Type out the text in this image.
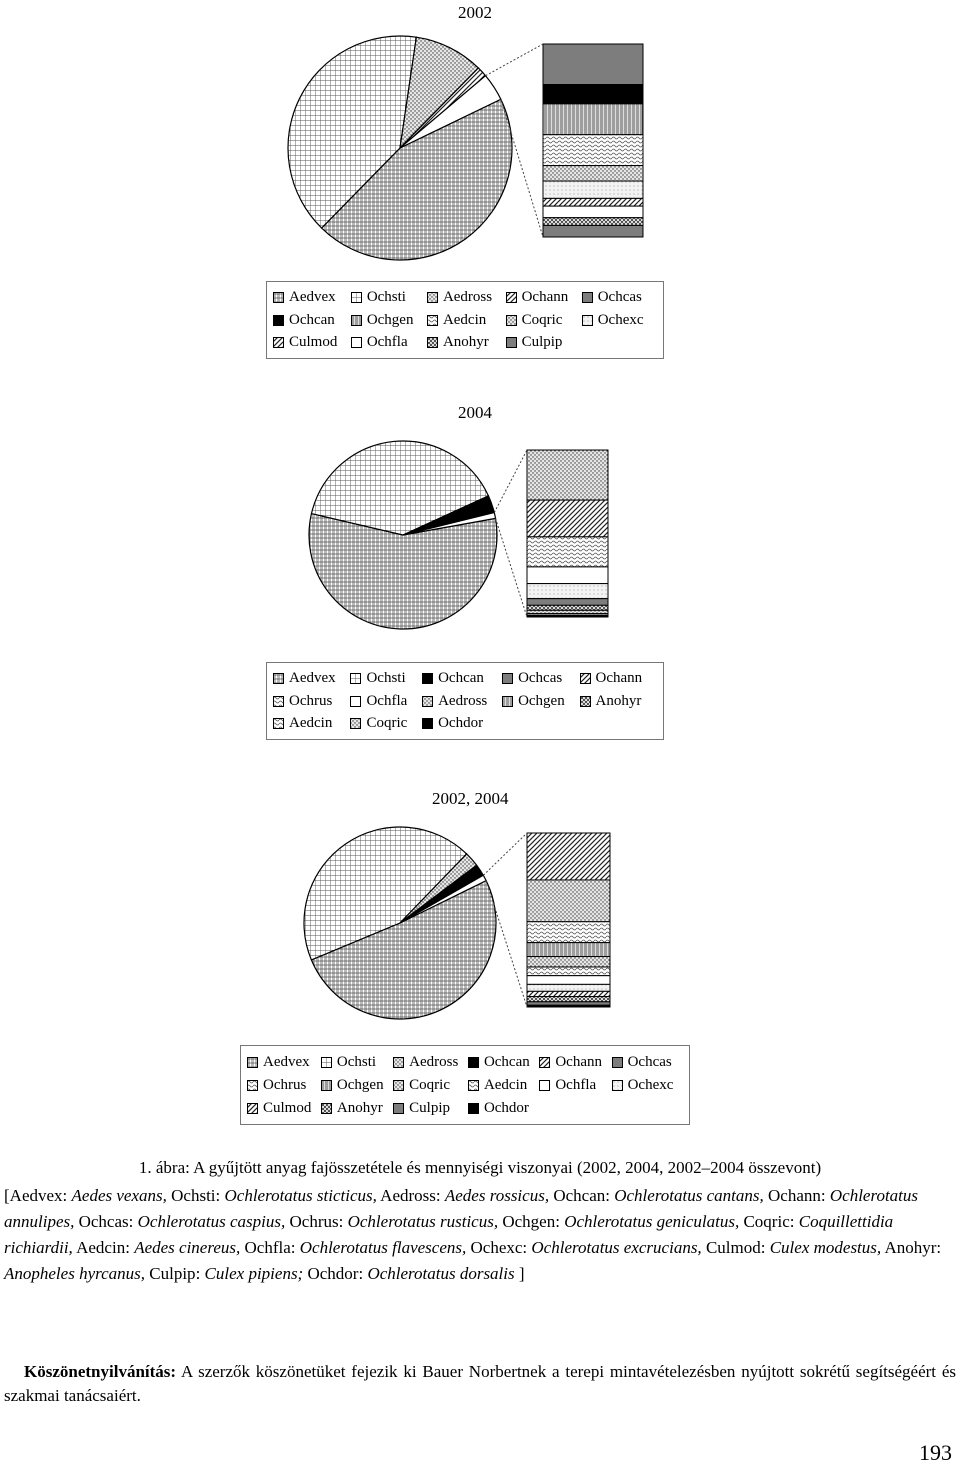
2002
Aedvex Ochsti Aedross Ochann Ochcas
Ochcan Ochgen Aedcin Coqric Ochexc
Culmod Ochfla Anohyr Culpip
2004
Aedvex Ochsti Ochcan Ochcas Ochann
Ochrus Ochfla Aedross Ochgen Anohyr
Aedcin Coqric Ochdor
2002, 2004
Aedvex Ochsti Aedross Ochcan Ochann Ochcas
Ochrus Ochgen Coqric Aedcin Ochfla Ochexc
Culmod Anohyr Culpip Ochdor
1. ábra: A gyűjtött anyag fajösszetétele és mennyiségi viszonyai (2002, 2004, 2002–2004 összevont)
[Aedvex: Aedes vexans, Ochsti: Ochlerotatus sticticus, Aedross: Aedes rossicus, Ochcan: Ochlerotatus cantans, Ochann: Ochlerotatus annulipes, Ochcas: Ochlerotatus caspius, Ochrus: Ochlerotatus rusticus, Ochgen: Ochlerotatus geniculatus, Coqric: Coquillettidia richiardii, Aedcin: Aedes cinereus, Ochfla: Ochlerotatus flavescens, Ochexc: Ochlerotatus excrucians, Culmod: Culex modestus, Anohyr: Anopheles hyrcanus, Culpip: Culex pipiens; Ochdor: Ochlerotatus dorsalis ]
Köszönetnyilvánítás: A szerzők köszönetüket fejezik ki Bauer Norbertnek a terepi mintavételezésben nyújtott sokrétű segítségéért és szakmai tanácsaiért.
193
